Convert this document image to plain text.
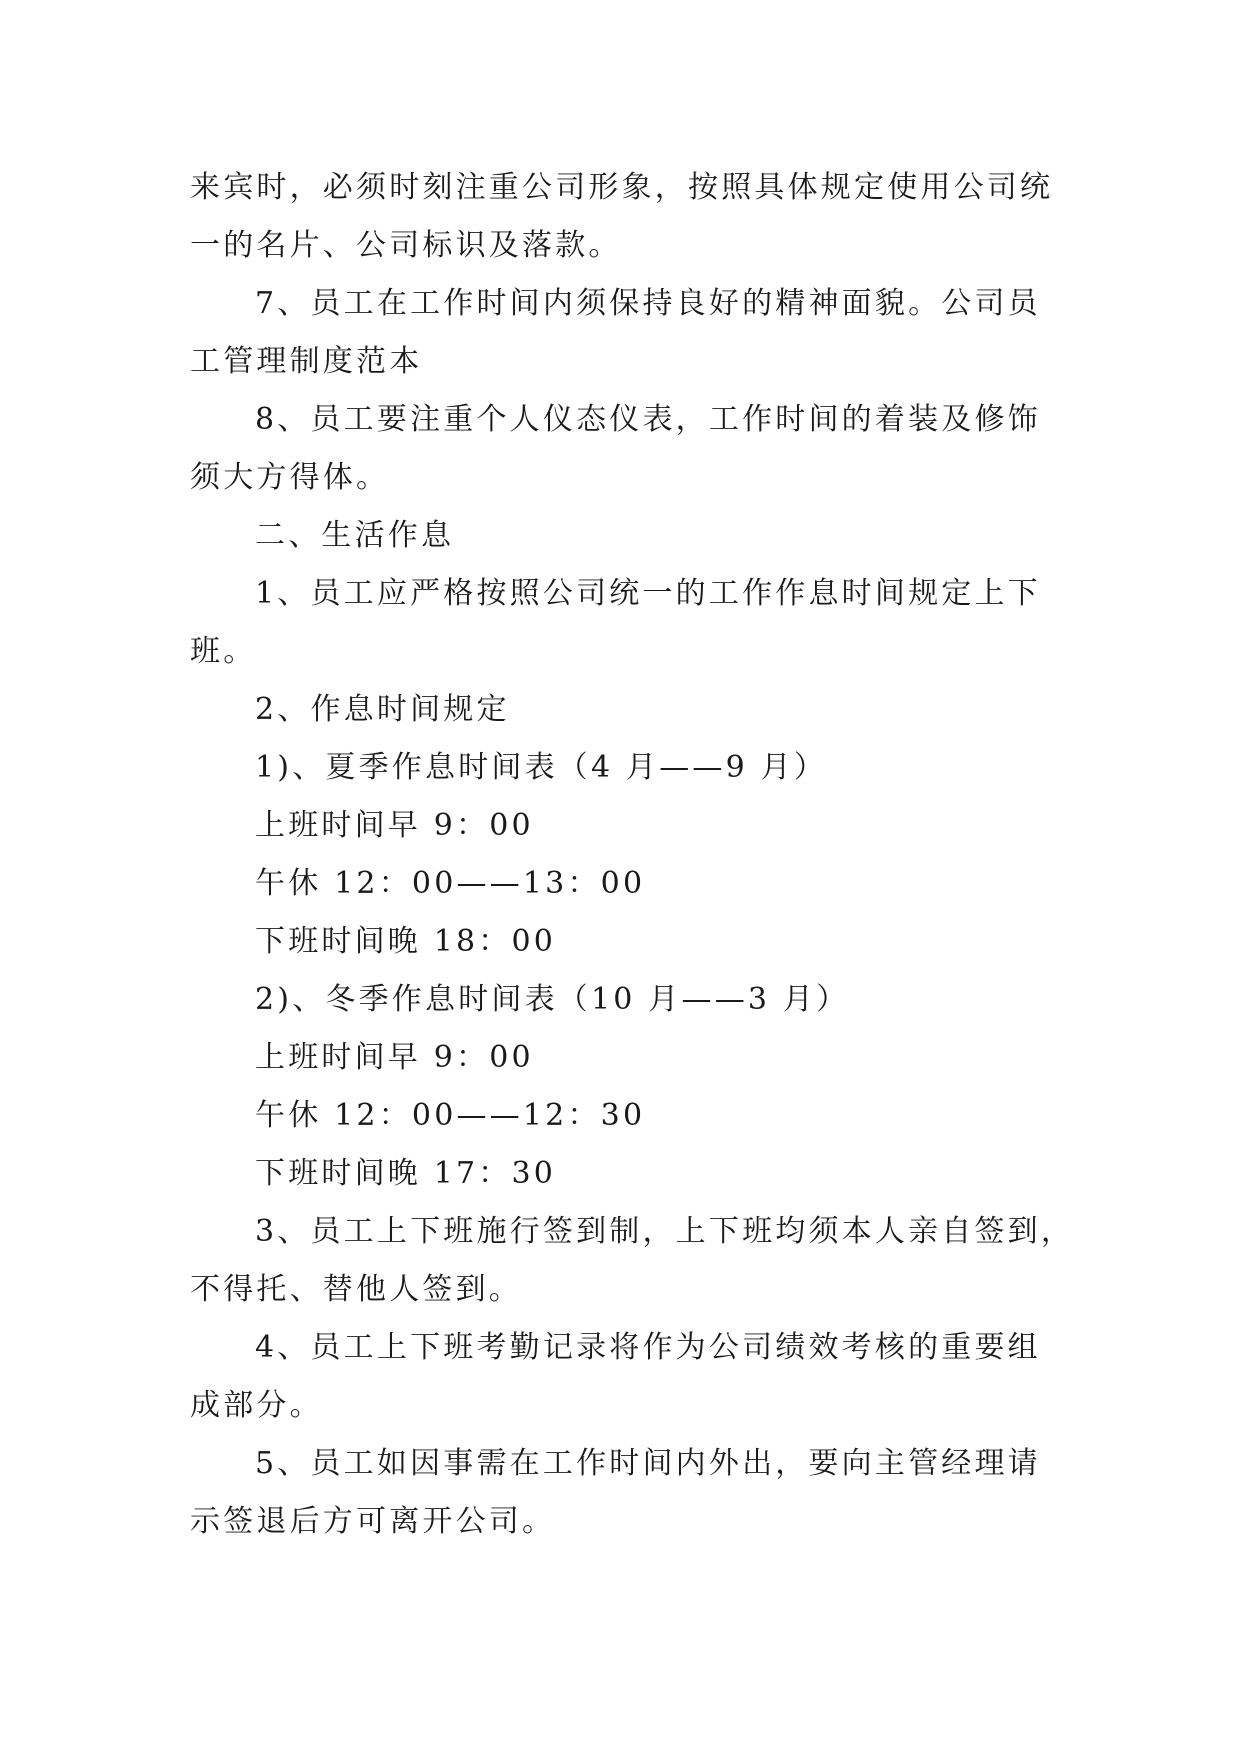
来宾时，必须时刻注重公司形象，按照具体规定使用公司统
一的名片、公司标识及落款。
7、员工在工作时间内须保持良好的精神面貌。公司员
工管理制度范本
8、员工要注重个人仪态仪表，工作时间的着装及修饰
须大方得体。
二、生活作息
1、员工应严格按照公司统一的工作作息时间规定上下
班。
2、作息时间规定
1)、夏季作息时间表（4 月——9 月）
上班时间早 9：00
午休 12：00——13：00
下班时间晚 18：00
2)、冬季作息时间表（10 月——3 月）
上班时间早 9：00
午休 12：00——12：30
下班时间晚 17：30
3、员工上下班施行签到制，上下班均须本人亲自签到，
不得托、替他人签到。
4、员工上下班考勤记录将作为公司绩效考核的重要组
成部分。
5、员工如因事需在工作时间内外出，要向主管经理请
示签退后方可离开公司。
